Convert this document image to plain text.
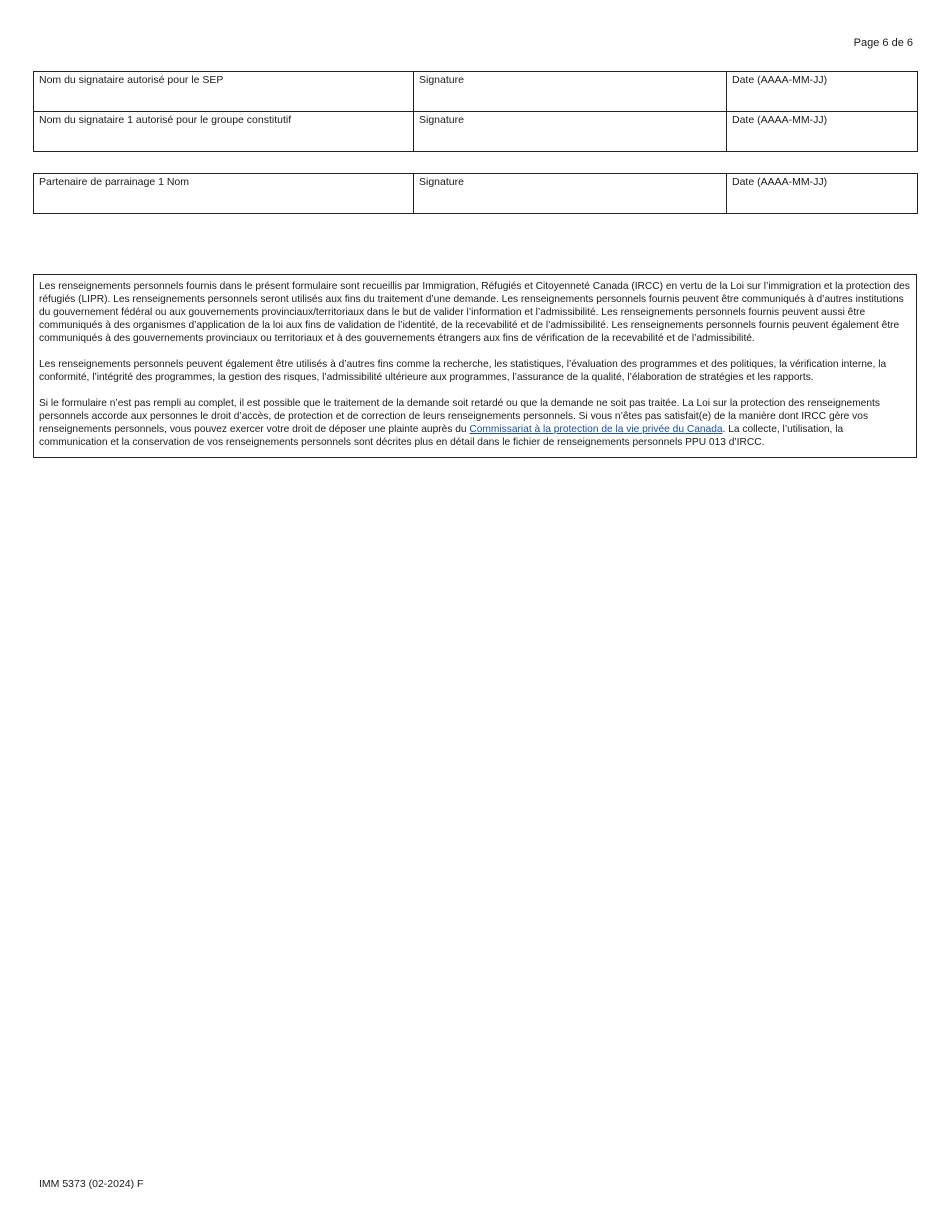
Page 6 de 6
Nom du signataire autorisé pour le SEP	Signature	Date (AAAA-MM-JJ)
Nom du signataire 1 autorisé pour le groupe constitutif	Signature	Date (AAAA-MM-JJ)
Partenaire de parrainage 1 Nom	Signature	Date (AAAA-MM-JJ)

Les renseignements personnels fournis dans le présent formulaire sont recueillis par Immigration, Réfugiés et Citoyenneté Canada (IRCC) en vertu de la Loi sur l’immigration et la protection des réfugiés (LIPR). Les renseignements personnels seront utilisés aux fins du traitement d’une demande. Les renseignements personnels fournis peuvent être communiqués à d’autres institutions du gouvernement fédéral ou aux gouvernements provinciaux/territoriaux dans le but de valider l’information et l’admissibilité. Les renseignements personnels fournis peuvent aussi être communiqués à des organismes d’application de la loi aux fins de validation de l’identité, de la recevabilité et de l’admissibilité. Les renseignements personnels fournis peuvent également être communiqués à des gouvernements provinciaux ou territoriaux et à des gouvernements étrangers aux fins de vérification de la recevabilité et de l’admissibilité.

Les renseignements personnels peuvent également être utilisés à d’autres fins comme la recherche, les statistiques, l’évaluation des programmes et des politiques, la vérification interne, la conformité, l’intégrité des programmes, la gestion des risques, l’admissibilité ultérieure aux programmes, l’assurance de la qualité, l’élaboration de stratégies et les rapports.

Si le formulaire n’est pas rempli au complet, il est possible que le traitement de la demande soit retardé ou que la demande ne soit pas traitée. La Loi sur la protection des renseignements personnels accorde aux personnes le droit d’accès, de protection et de correction de leurs renseignements personnels. Si vous n’êtes pas satisfait(e) de la manière dont IRCC gère vos renseignements personnels, vous pouvez exercer votre droit de déposer une plainte auprès du Commissariat à la protection de la vie privée du Canada. La collecte, l’utilisation, la communication et la conservation de vos renseignements personnels sont décrites plus en détail dans le fichier de renseignements personnels PPU 013 d’IRCC.

IMM 5373 (02-2024) F
